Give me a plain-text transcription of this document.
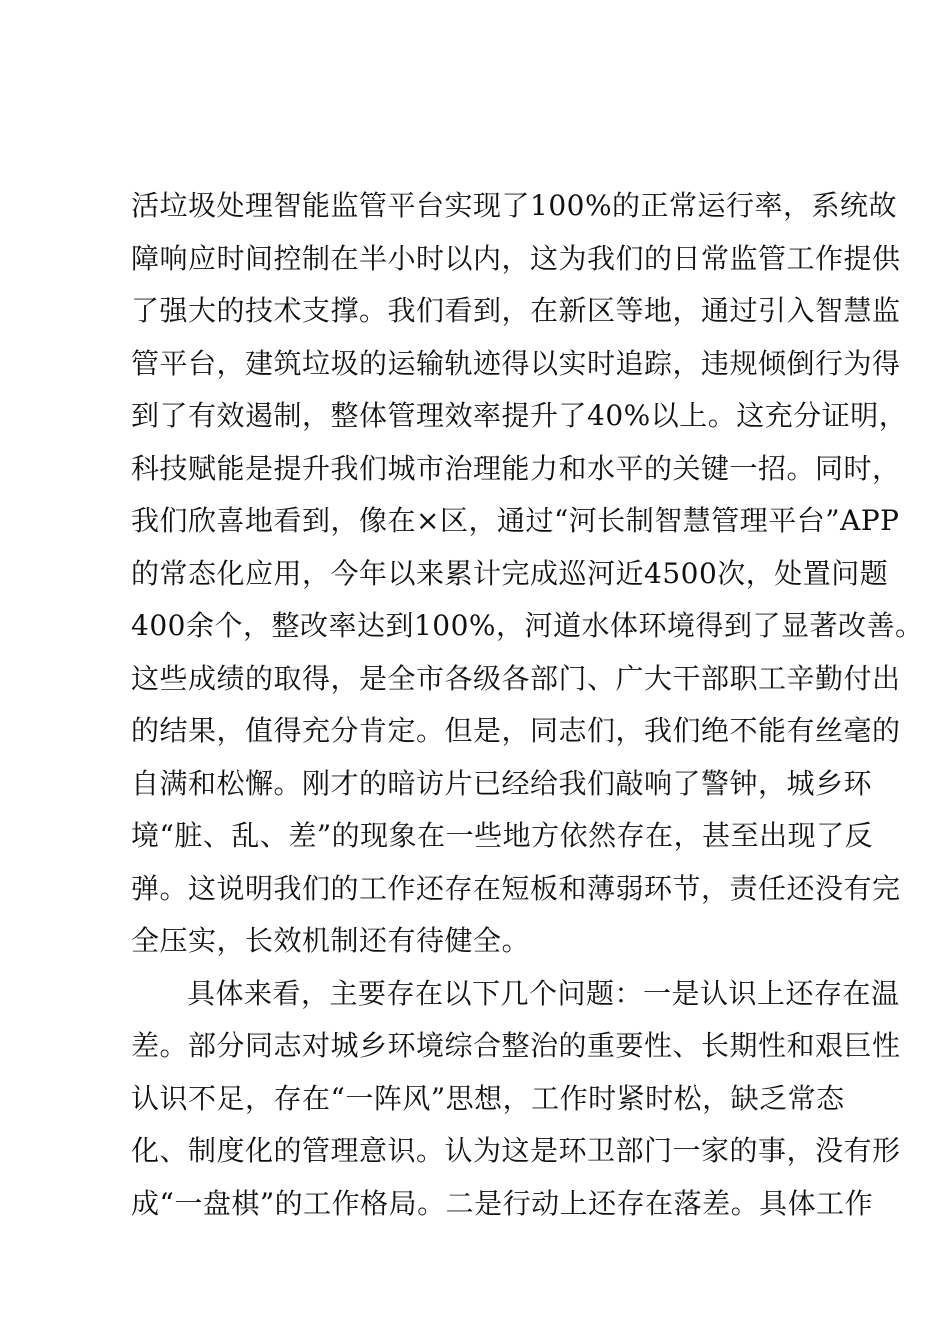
活垃圾处理智能监管平台实现了100%的正常运行率，系统故
障响应时间控制在半小时以内，这为我们的日常监管工作提供
了强大的技术支撑。我们看到，在新区等地，通过引入智慧监
管平台，建筑垃圾的运输轨迹得以实时追踪，违规倾倒行为得
到了有效遏制，整体管理效率提升了40%以上。这充分证明，
科技赋能是提升我们城市治理能力和水平的关键一招。同时，
我们欣喜地看到，像在×区，通过“河长制智慧管理平台”APP
的常态化应用，今年以来累计完成巡河近4500次，处置问题
400余个，整改率达到100%，河道水体环境得到了显著改善。
这些成绩的取得，是全市各级各部门、广大干部职工辛勤付出
的结果，值得充分肯定。但是，同志们，我们绝不能有丝毫的
自满和松懈。刚才的暗访片已经给我们敲响了警钟，城乡环
境“脏、乱、差”的现象在一些地方依然存在，甚至出现了反
弹。这说明我们的工作还存在短板和薄弱环节，责任还没有完
全压实，长效机制还有待健全。
具体来看，主要存在以下几个问题：一是认识上还存在温
差。部分同志对城乡环境综合整治的重要性、长期性和艰巨性
认识不足，存在“一阵风”思想，工作时紧时松，缺乏常态
化、制度化的管理意识。认为这是环卫部门一家的事，没有形
成“一盘棋”的工作格局。二是行动上还存在落差。具体工作
